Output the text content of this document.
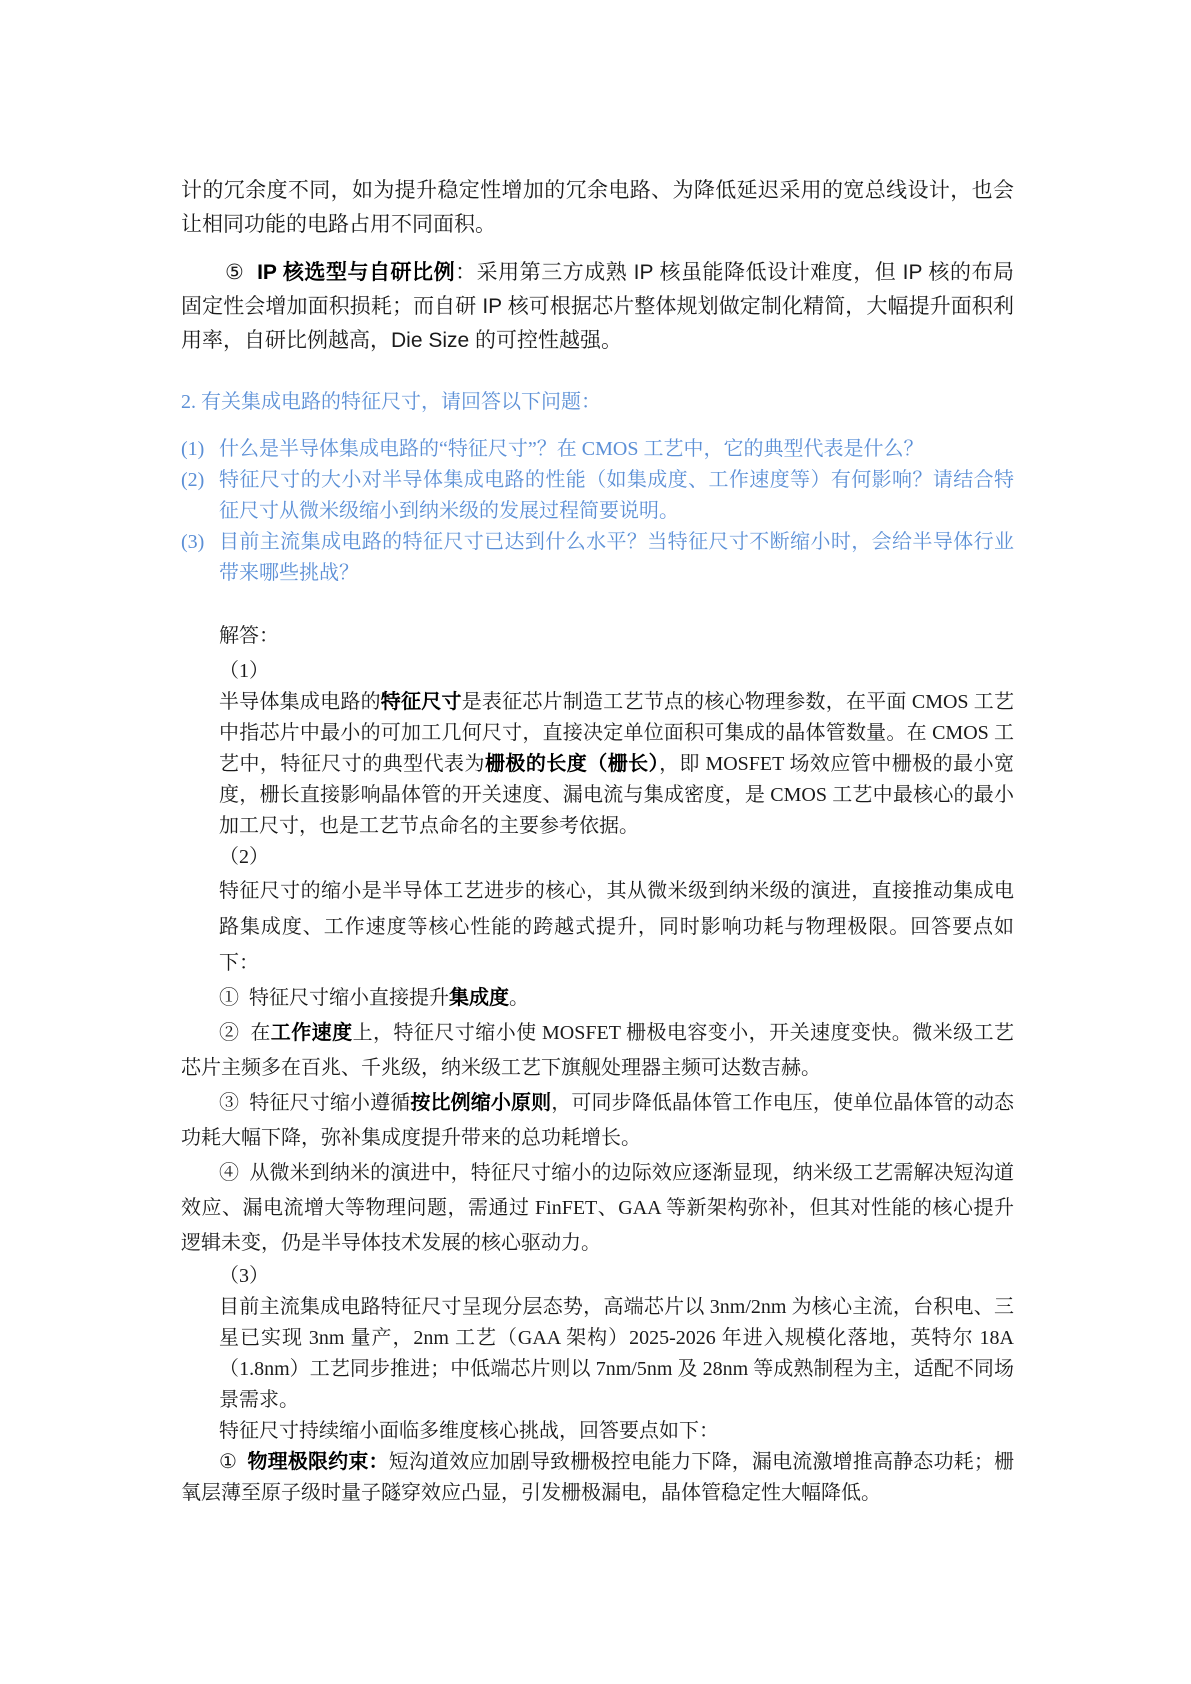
计的冗余度不同，如为提升稳定性增加的冗余电路、为降低延迟采用的宽总线设计，也会让相同功能的电路占用不同面积。

⑤ IP 核选型与自研比例：采用第三方成熟 IP 核虽能降低设计难度，但 IP 核的布局固定性会增加面积损耗；而自研 IP 核可根据芯片整体规划做定制化精简，大幅提升面积利用率，自研比例越高，Die Size 的可控性越强。

2. 有关集成电路的特征尺寸，请回答以下问题：

(1) 什么是半导体集成电路的“特征尺寸”？在 CMOS 工艺中，它的典型代表是什么？
(2) 特征尺寸的大小对半导体集成电路的性能（如集成度、工作速度等）有何影响？请结合特征尺寸从微米级缩小到纳米级的发展过程简要说明。
(3) 目前主流集成电路的特征尺寸已达到什么水平？当特征尺寸不断缩小时，会给半导体行业带来哪些挑战？

解答：

（1）

半导体集成电路的特征尺寸是表征芯片制造工艺节点的核心物理参数，在平面 CMOS 工艺中指芯片中最小的可加工几何尺寸，直接决定单位面积可集成的晶体管数量。在 CMOS 工艺中，特征尺寸的典型代表为栅极的长度（栅长），即 MOSFET 场效应管中栅极的最小宽度，栅长直接影响晶体管的开关速度、漏电流与集成密度，是 CMOS 工艺中最核心的最小加工尺寸，也是工艺节点命名的主要参考依据。

（2）

特征尺寸的缩小是半导体工艺进步的核心，其从微米级到纳米级的演进，直接推动集成电路集成度、工作速度等核心性能的跨越式提升，同时影响功耗与物理极限。回答要点如下：

① 特征尺寸缩小直接提升集成度。

② 在工作速度上，特征尺寸缩小使 MOSFET 栅极电容变小，开关速度变快。微米级工艺芯片主频多在百兆、千兆级，纳米级工艺下旗舰处理器主频可达数吉赫。

③ 特征尺寸缩小遵循按比例缩小原则，可同步降低晶体管工作电压，使单位晶体管的动态功耗大幅下降，弥补集成度提升带来的总功耗增长。

④ 从微米到纳米的演进中，特征尺寸缩小的边际效应逐渐显现，纳米级工艺需解决短沟道效应、漏电流增大等物理问题，需通过 FinFET、GAA 等新架构弥补，但其对性能的核心提升逻辑未变，仍是半导体技术发展的核心驱动力。

（3）

目前主流集成电路特征尺寸呈现分层态势，高端芯片以 3nm/2nm 为核心主流，台积电、三星已实现 3nm 量产，2nm 工艺（GAA 架构）2025-2026 年进入规模化落地，英特尔 18A（1.8nm）工艺同步推进；中低端芯片则以 7nm/5nm 及 28nm 等成熟制程为主，适配不同场景需求。

特征尺寸持续缩小面临多维度核心挑战，回答要点如下：

① 物理极限约束：短沟道效应加剧导致栅极控电能力下降，漏电流激增推高静态功耗；栅氧层薄至原子级时量子隧穿效应凸显，引发栅极漏电，晶体管稳定性大幅降低。
